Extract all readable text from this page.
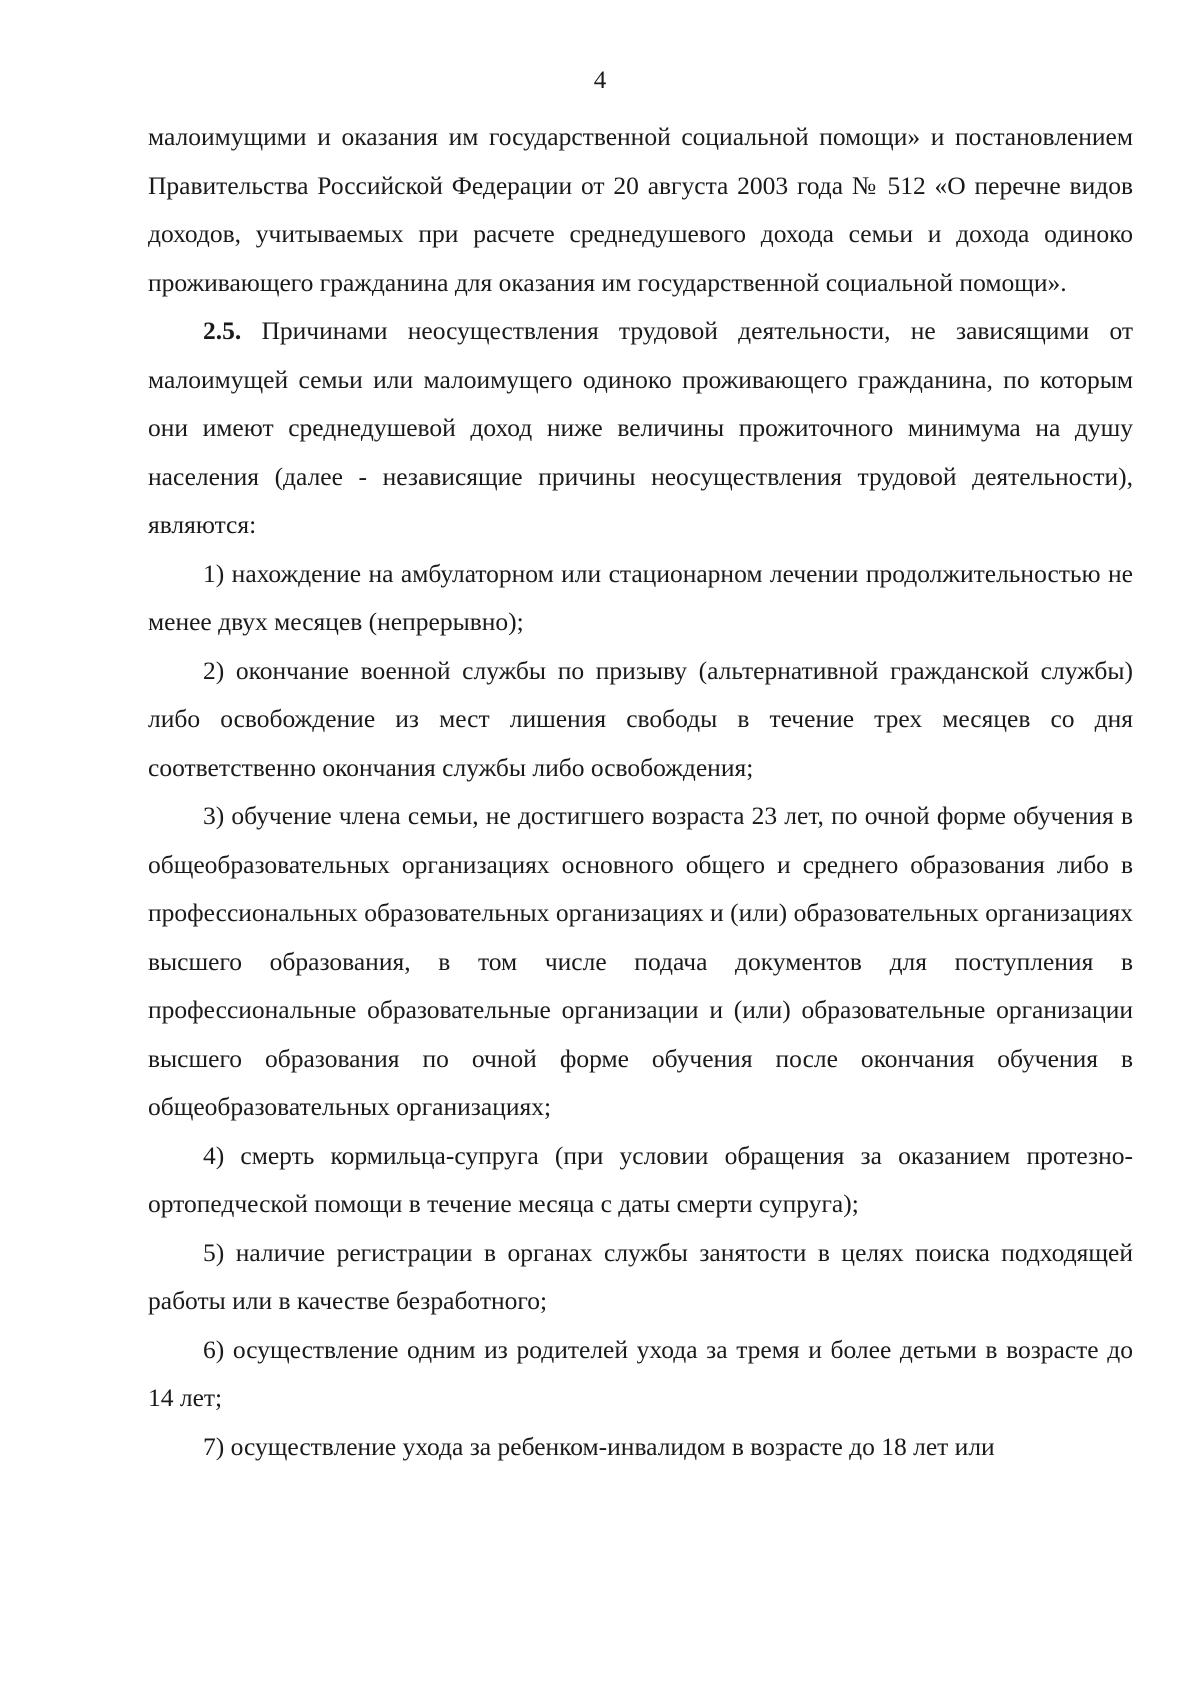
4

малоимущими и оказания им государственной социальной помощи» и постановлением Правительства Российской Федерации от 20 августа 2003 года № 512 «О перечне видов доходов, учитываемых при расчете среднедушевого дохода семьи и дохода одиноко проживающего гражданина для оказания им государственной социальной помощи».

2.5. Причинами неосуществления трудовой деятельности, не зависящими от малоимущей семьи или малоимущего одиноко проживающего гражданина, по которым они имеют среднедушевой доход ниже величины прожиточного минимума на душу населения (далее - независящие причины неосуществления трудовой деятельности), являются:

1) нахождение на амбулаторном или стационарном лечении продолжительностью не менее двух месяцев (непрерывно);

2) окончание военной службы по призыву (альтернативной гражданской службы) либо освобождение из мест лишения свободы в течение трех месяцев со дня соответственно окончания службы либо освобождения;

3) обучение члена семьи, не достигшего возраста 23 лет, по очной форме обучения в общеобразовательных организациях основного общего и среднего образования либо в профессиональных образовательных организациях и (или) образовательных организациях высшего образования, в том числе подача документов для поступления в профессиональные образовательные организации и (или) образовательные организации высшего образования по очной форме обучения после окончания обучения в общеобразовательных организациях;

4) смерть кормильца-супруга (при условии обращения за оказанием протезно-ортопедческой помощи в течение месяца с даты смерти супруга);

5) наличие регистрации в органах службы занятости в целях поиска подходящей работы или в качестве безработного;

6) осуществление одним из родителей ухода за тремя и более детьми в возрасте до 14 лет;

7) осуществление ухода за ребенком-инвалидом в возрасте до 18 лет или
